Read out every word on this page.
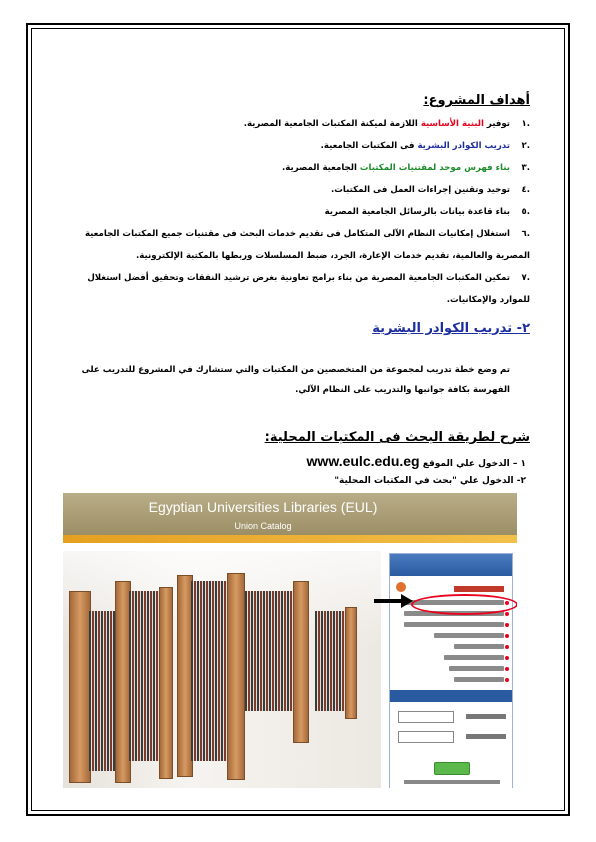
أهداف المشروع:
.١توفير البنية الأساسية اللازمة لميكنة المكتبات الجامعية المصرية.
.٢تدريب الكوادر البشرية فى المكتبات الجامعية.
.٣بناء فهرس موحد لمقتنيات المكتبات الجامعية المصرية.
.٤توحيد وتقنين إجراءات العمل فى المكتبات.
.٥بناء قاعدة بيانات بالرسائل الجامعية المصرية
.٦استغلال إمكانيات النظام الآلى المتكامل فى تقديم خدمات البحث فى مقتنيات جميع المكتبات الجامعية المصرية والعالمية، تقديم خدمات الإعارة، الجرد، ضبط المسلسلات وربطها بالمكتبة الإلكترونية.
.٧تمكين المكتبات الجامعية المصرية من بناء برامج تعاونية بغرض ترشيد النفقات وتحقيق أفضل استغلال للموارد والإمكانيات.
٢- تدريب الكوادر البشرية
تم وضع خطة تدريب لمجموعة من المتخصصين من المكتبات والتي ستشارك في المشروع للتدريب على الفهرسة بكافة جوانبها والتدريب على النظام الآلي.
شرح لطريقة البحث فى المكتبات المحلية:
١ – الدخول علي الموقع www.eulc.edu.eg
٢- الدخول علي "بحث في المكتبات المحلية"
Egyptian Universities Libraries (EUL)
Union Catalog
